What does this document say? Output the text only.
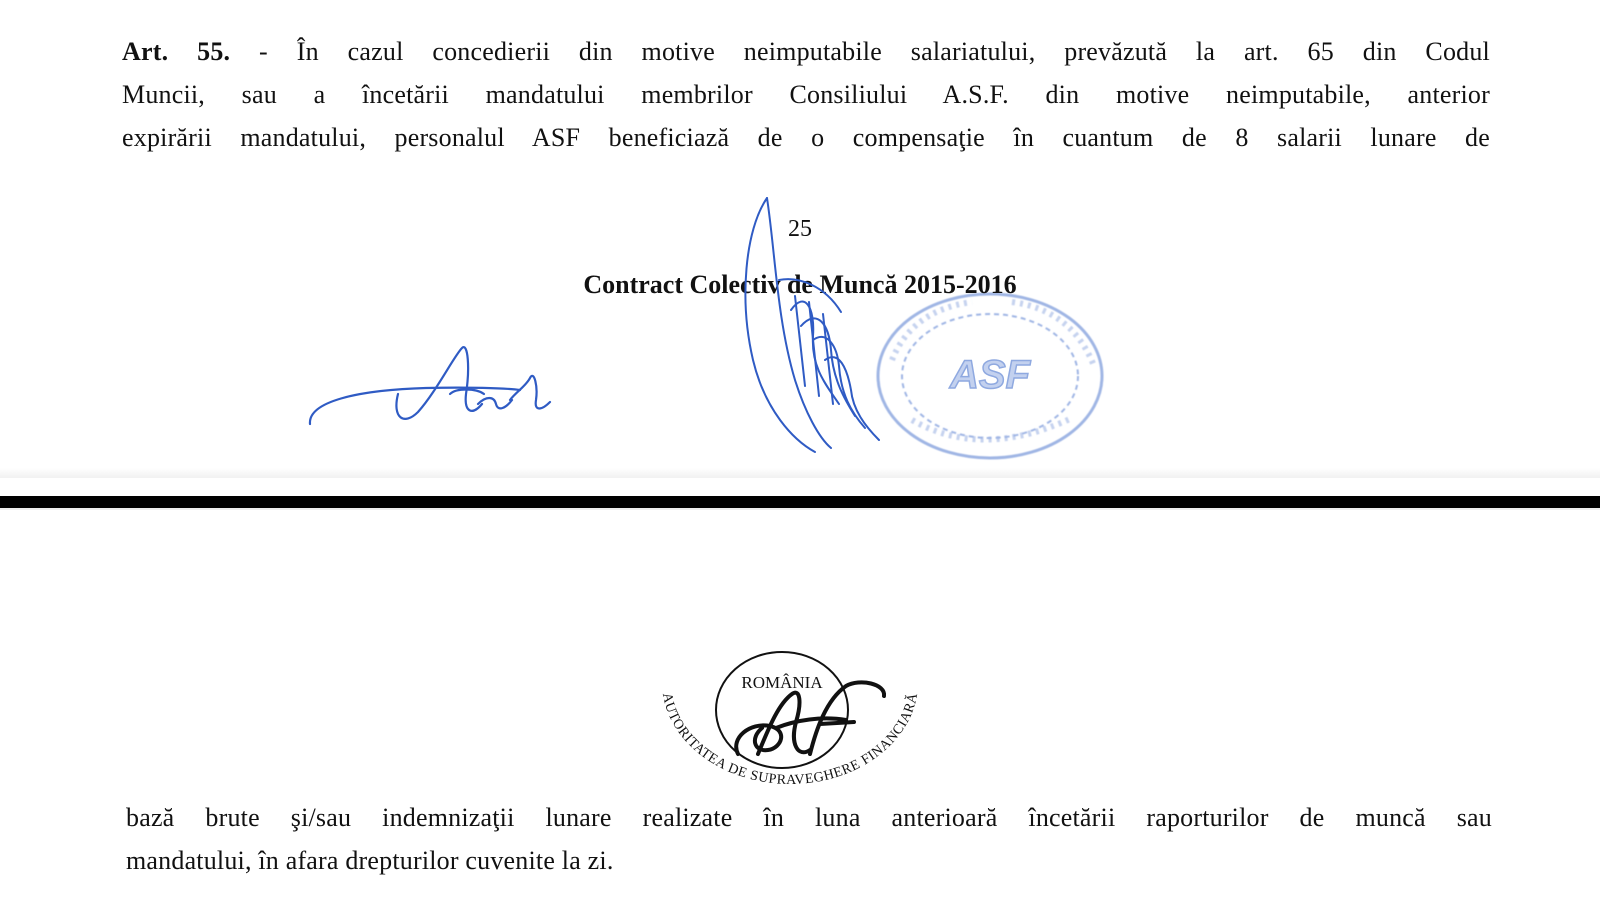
Art. 55. - În cazul concedierii din motive neimputabile salariatului, prevăzută la art. 65 din Codul
Muncii, sau a încetării mandatului membrilor Consiliului A.S.F. din motive neimputabile, anterior
expirării mandatului, personalul ASF beneficiază de o compensaţie în cuantum de 8 salarii lunare de
ASF
25
Contract Colectiv de Muncă 2015-2016
ROMÂNIA
AUTORITATEA DE SUPRAVEGHERE FINANCIARĂ
bază brute şi/sau indemnizaţii lunare realizate în luna anterioară încetării raporturilor de muncă sau
mandatului, în afara drepturilor cuvenite la zi.
